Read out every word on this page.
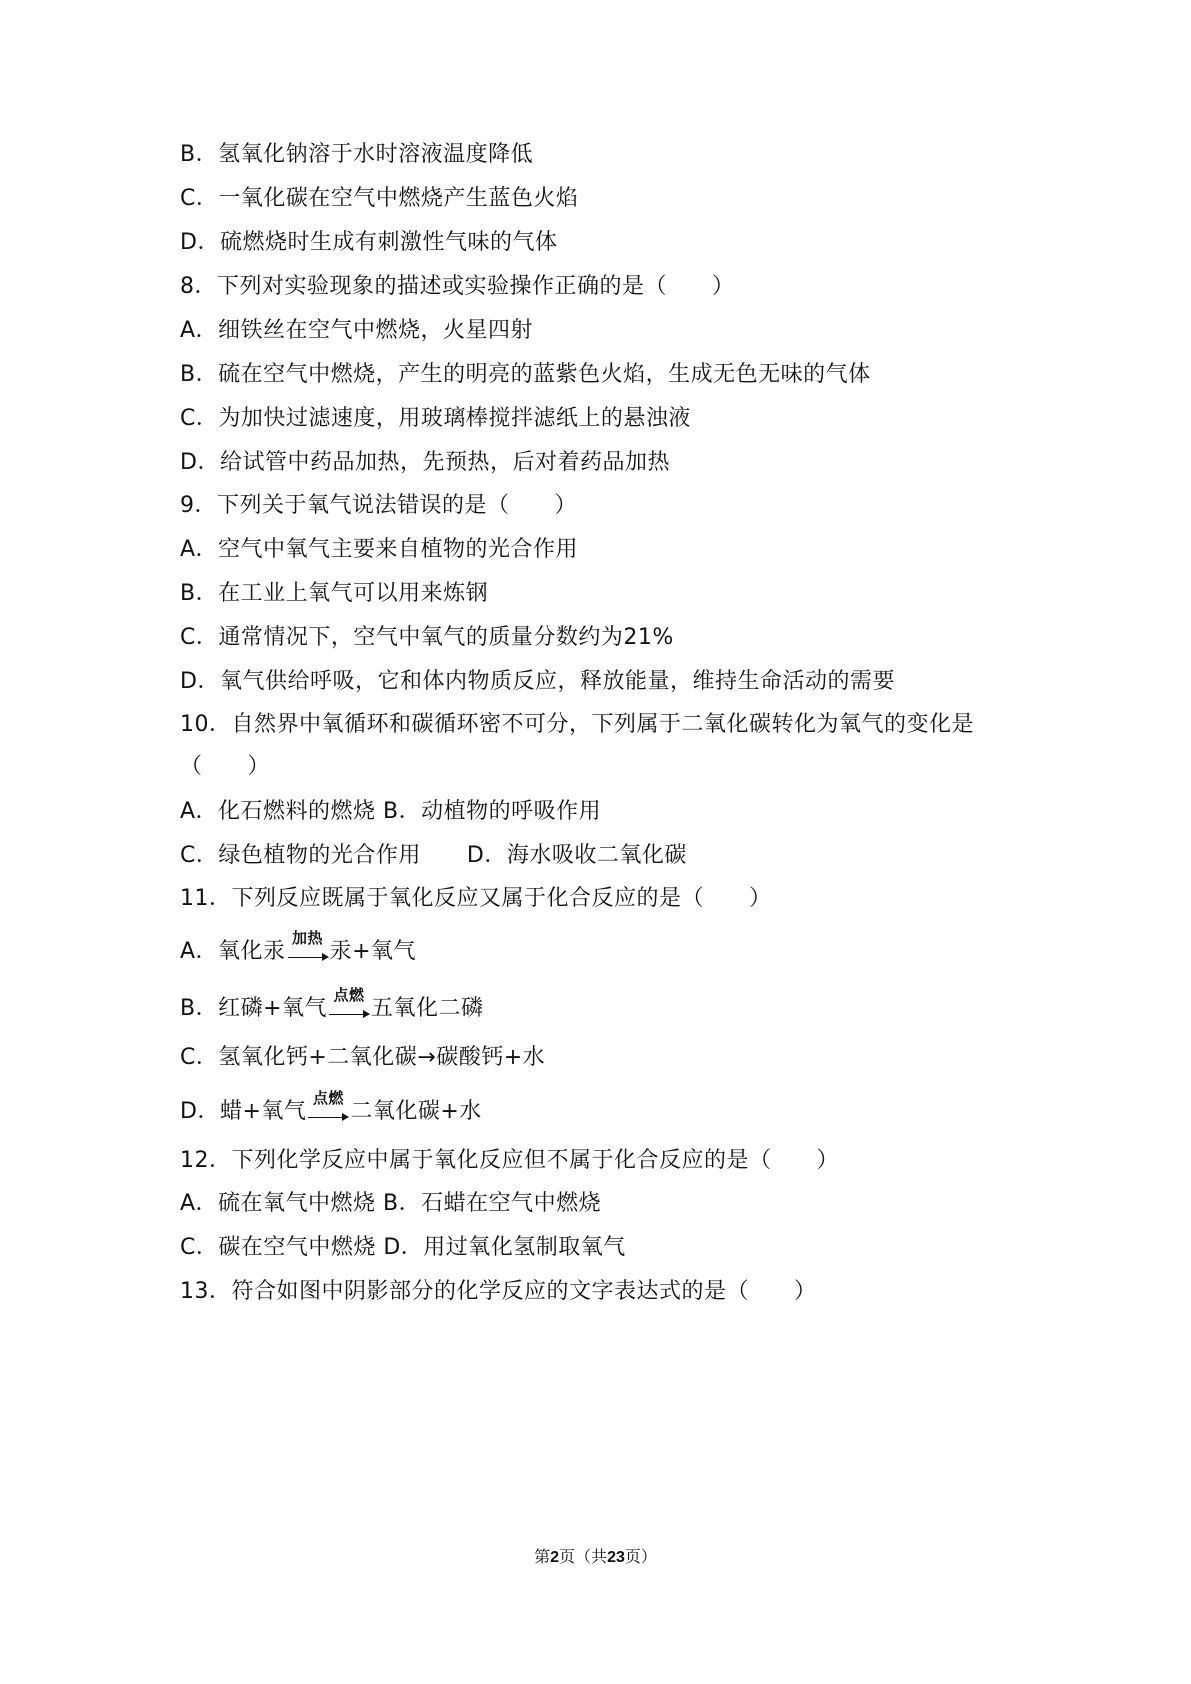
B．氢氧化钠溶于水时溶液温度降低
C．一氧化碳在空气中燃烧产生蓝色火焰
D．硫燃烧时生成有刺激性气味的气体
8．下列对实验现象的描述或实验操作正确的是（　　）
A．细铁丝在空气中燃烧，火星四射
B．硫在空气中燃烧，产生的明亮的蓝紫色火焰，生成无色无味的气体
C．为加快过滤速度，用玻璃棒搅拌滤纸上的悬浊液
D．给试管中药品加热，先预热，后对着药品加热
9．下列关于氧气说法错误的是（　　）
A．空气中氧气主要来自植物的光合作用
B．在工业上氧气可以用来炼钢
C．通常情况下，空气中氧气的质量分数约为21%
D．氧气供给呼吸，它和体内物质反应，释放能量，维持生命活动的需要
10．自然界中氧循环和碳循环密不可分，下列属于二氧化碳转化为氧气的变化是
（　　）
A．化石燃料的燃烧 B．动植物的呼吸作用
C．绿色植物的光合作用 D．海水吸收二氧化碳
11．下列反应既属于氧化反应又属于化合反应的是（　　）
A．氧化汞
加热
汞+氧气
B．红磷+氧气
点燃
五氧化二磷
C．氢氧化钙+二氧化碳→碳酸钙+水
D．蜡+氧气
点燃
二氧化碳+水
12．下列化学反应中属于氧化反应但不属于化合反应的是（　　）
A．硫在氧气中燃烧 B．石蜡在空气中燃烧
C．碳在空气中燃烧 D．用过氧化氢制取氧气
13．符合如图中阴影部分的化学反应的文字表达式的是（　　）
第2页（共23页）
